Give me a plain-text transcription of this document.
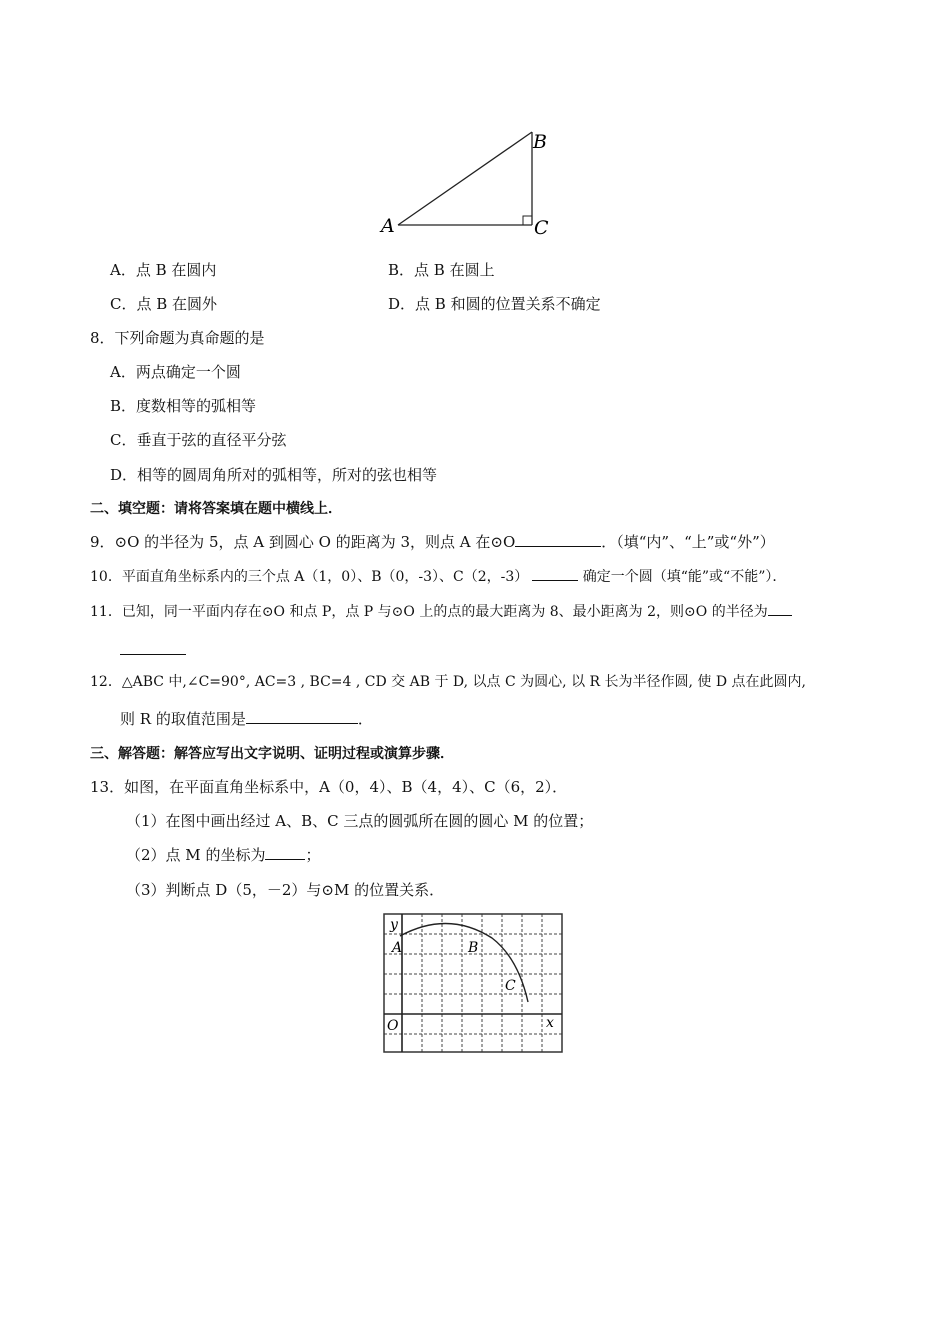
A
B
C
A．点 B 在圆内	B．点 B 在圆上
C．点 B 在圆外	D．点 B 和圆的位置关系不确定
8．下列命题为真命题的是
A．两点确定一个圆
B．度数相等的弧相等
C．垂直于弦的直径平分弦
D．相等的圆周角所对的弧相等，所对的弦也相等
二、填空题：请将答案填在题中横线上．
9．⊙O 的半径为 5，点 A 到圆心 O 的距离为 3，则点 A 在⊙O	．（填“内”、“上”或“外”）
10．平面直角坐标系内的三个点 A（1，0）、B（0，-3）、C（2，-3）	确定一个圆（填“能”或“不能”）．
11．已知，同一平面内存在⊙O 和点 P，点 P 与⊙O 上的点的最大距离为 8、最小距离为 2，则⊙O 的半径为
12．△ABC 中,∠C=90°, AC=3 , BC=4 , CD 交 AB 于 D, 以点 C 为圆心, 以 R 长为半径作圆, 使 D 点在此圆内,
则 R 的取值范围是	．
三、解答题：解答应写出文字说明、证明过程或演算步骤．
13．如图，在平面直角坐标系中，A（0，4）、B（4，4）、C（6，2）．
（1）在图中画出经过 A、B、C 三点的圆弧所在圆的圆心 M 的位置；
（2）点 M 的坐标为	；
（3）判断点 D（5，－2）与⊙M 的位置关系．
y
A	B
C
O	x
